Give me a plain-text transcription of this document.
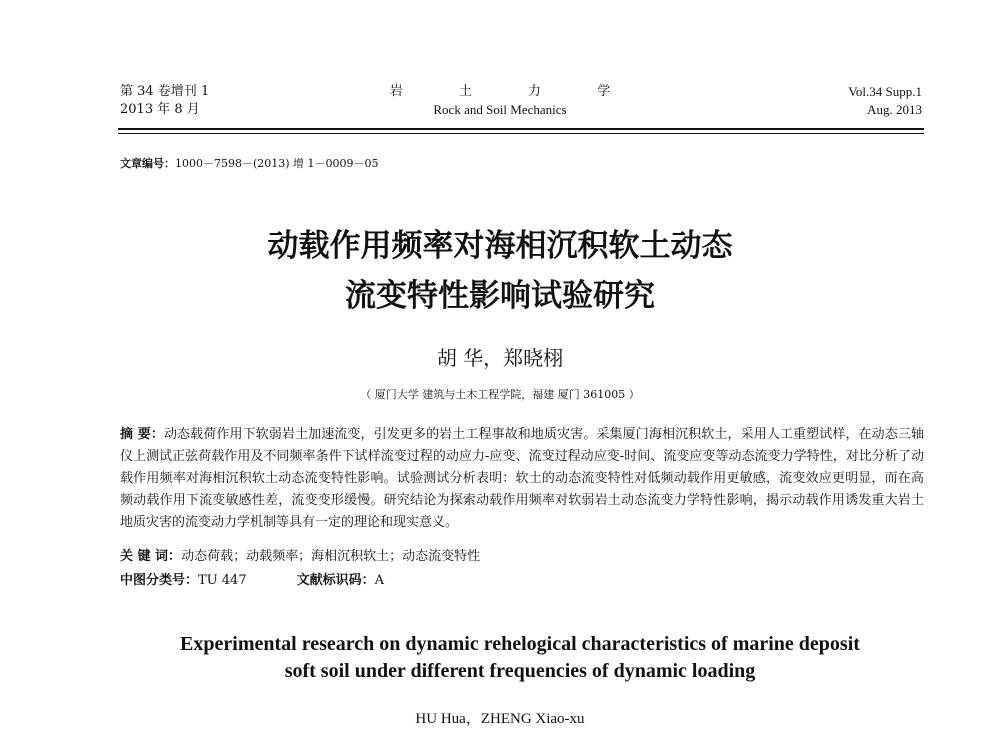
第 34 卷增刊 1
2013 年 8 月
岩 土 力 学
Rock and Soil Mechanics
Vol.34 Supp.1
Aug. 2013
文章编号：1000－7598－(2013) 增 1－0009－05
动载作用频率对海相沉积软土动态
流变特性影响试验研究
胡 华，郑晓栩
（ 厦门大学 建筑与土木工程学院，福建 厦门 361005 ）
摘 要：动态载荷作用下软弱岩土加速流变，引发更多的岩土工程事故和地质灾害。采集厦门海相沉积软土，采用人工重塑试样，在动态三轴仪上测试正弦荷载作用及不同频率条件下试样流变过程的动应力-应变、流变过程动应变-时间、流变应变等动态流变力学特性，对比分析了动载作用频率对海相沉积软土动态流变特性影响。试验测试分析表明：软土的动态流变特性对低频动载作用更敏感，流变效应更明显，而在高频动载作用下流变敏感性差，流变变形缓慢。研究结论为探索动载作用频率对软弱岩土动态流变力学特性影响，揭示动载作用诱发重大岩土地质灾害的流变动力学机制等具有一定的理论和现实意义。
关 键 词：动态荷载；动载频率；海相沉积软土；动态流变特性
中图分类号：TU 447	文献标识码：A
Experimental research on dynamic rehelogical characteristics of marine deposit
soft soil under different frequencies of dynamic loading
HU Hua，ZHENG Xiao-xu
